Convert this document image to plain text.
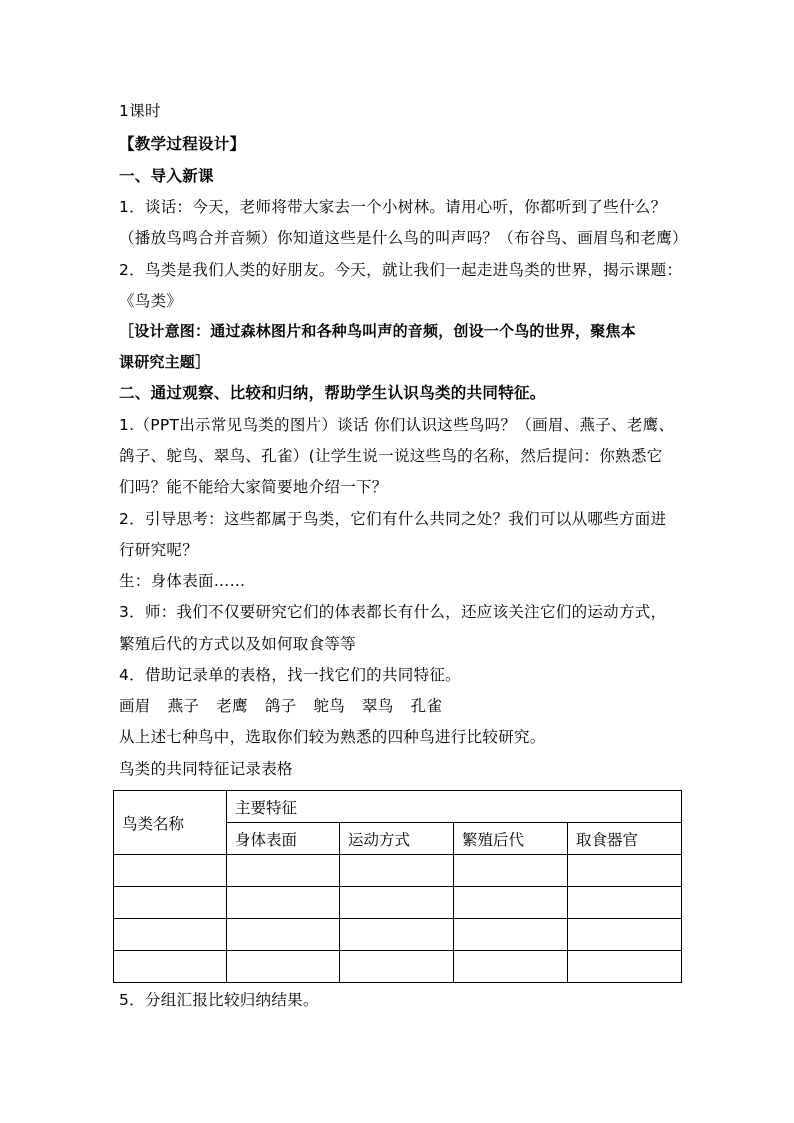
1课时
【教学过程设计】
一、导入新课
1．谈话：今天，老师将带大家去一个小树林。请用心听，你都听到了些什么？
（播放鸟鸣合并音频）你知道这些是什么鸟的叫声吗？（布谷鸟、画眉鸟和老鹰）
2．鸟类是我们人类的好朋友。今天，就让我们一起走进鸟类的世界，揭示课题：
《鸟类》
［设计意图：通过森林图片和各种鸟叫声的音频，创设一个鸟的世界，聚焦本
课研究主题］
二、通过观察、比较和归纳，帮助学生认识鸟类的共同特征。
1.（PPT出示常见鸟类的图片）谈话 你们认识这些鸟吗？（画眉、燕子、老鹰、
鸽子、鸵鸟、翠鸟、孔雀）(让学生说一说这些鸟的名称，然后提问：你熟悉它
们吗？能不能给大家简要地介绍一下？
2．引导思考：这些都属于鸟类，它们有什么共同之处？我们可以从哪些方面进
行研究呢？
生：身体表面……
3．师：我们不仅要研究它们的体表都长有什么，还应该关注它们的运动方式，
繁殖后代的方式以及如何取食等等
4．借助记录单的表格，找一找它们的共同特征。
画眉 燕子 老鹰 鸽子 鸵鸟 翠鸟 孔雀
从上述七种鸟中，选取你们较为熟悉的四种鸟进行比较研究。
鸟类的共同特征记录表格
鸟类名称	主要特征			
	身体表面	运动方式	繁殖后代	取食器官

5．分组汇报比较归纳结果。
